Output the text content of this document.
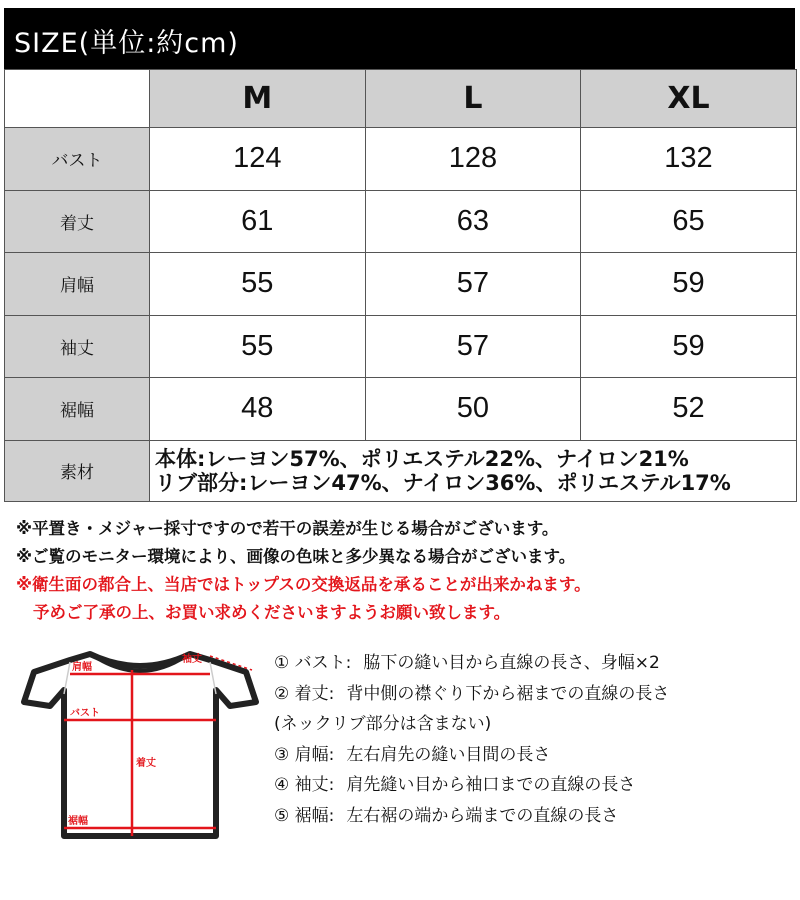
SIZE(単位:約cm)
	M	L	XL
バスト	124	128	132
着丈	61	63	65
肩幅	55	57	59
袖丈	55	57	59
裾幅	48	50	52
素材	本体:レーヨン57%、ポリエステル22%、ナイロン21%
リブ部分:レーヨン47%、ナイロン36%、ポリエステル17%		
※平置き・メジャー採寸ですので若干の誤差が生じる場合がございます。
※ご覧のモニター環境により、画像の色味と多少異なる場合がございます。
※衛生面の都合上、当店ではトップスの交換返品を承ることが出来かねます。
予めご了承の上、お買い求めくださいますようお願い致します。
袖丈
肩幅
バスト
着丈
裾幅
① バスト: 脇下の縫い目から直線の長さ、身幅×2
② 着丈: 背中側の襟ぐり下から裾までの直線の長さ
(ネックリブ部分は含まない)
③ 肩幅: 左右肩先の縫い目間の長さ
④ 袖丈: 肩先縫い目から袖口までの直線の長さ
⑤ 裾幅: 左右裾の端から端までの直線の長さ
